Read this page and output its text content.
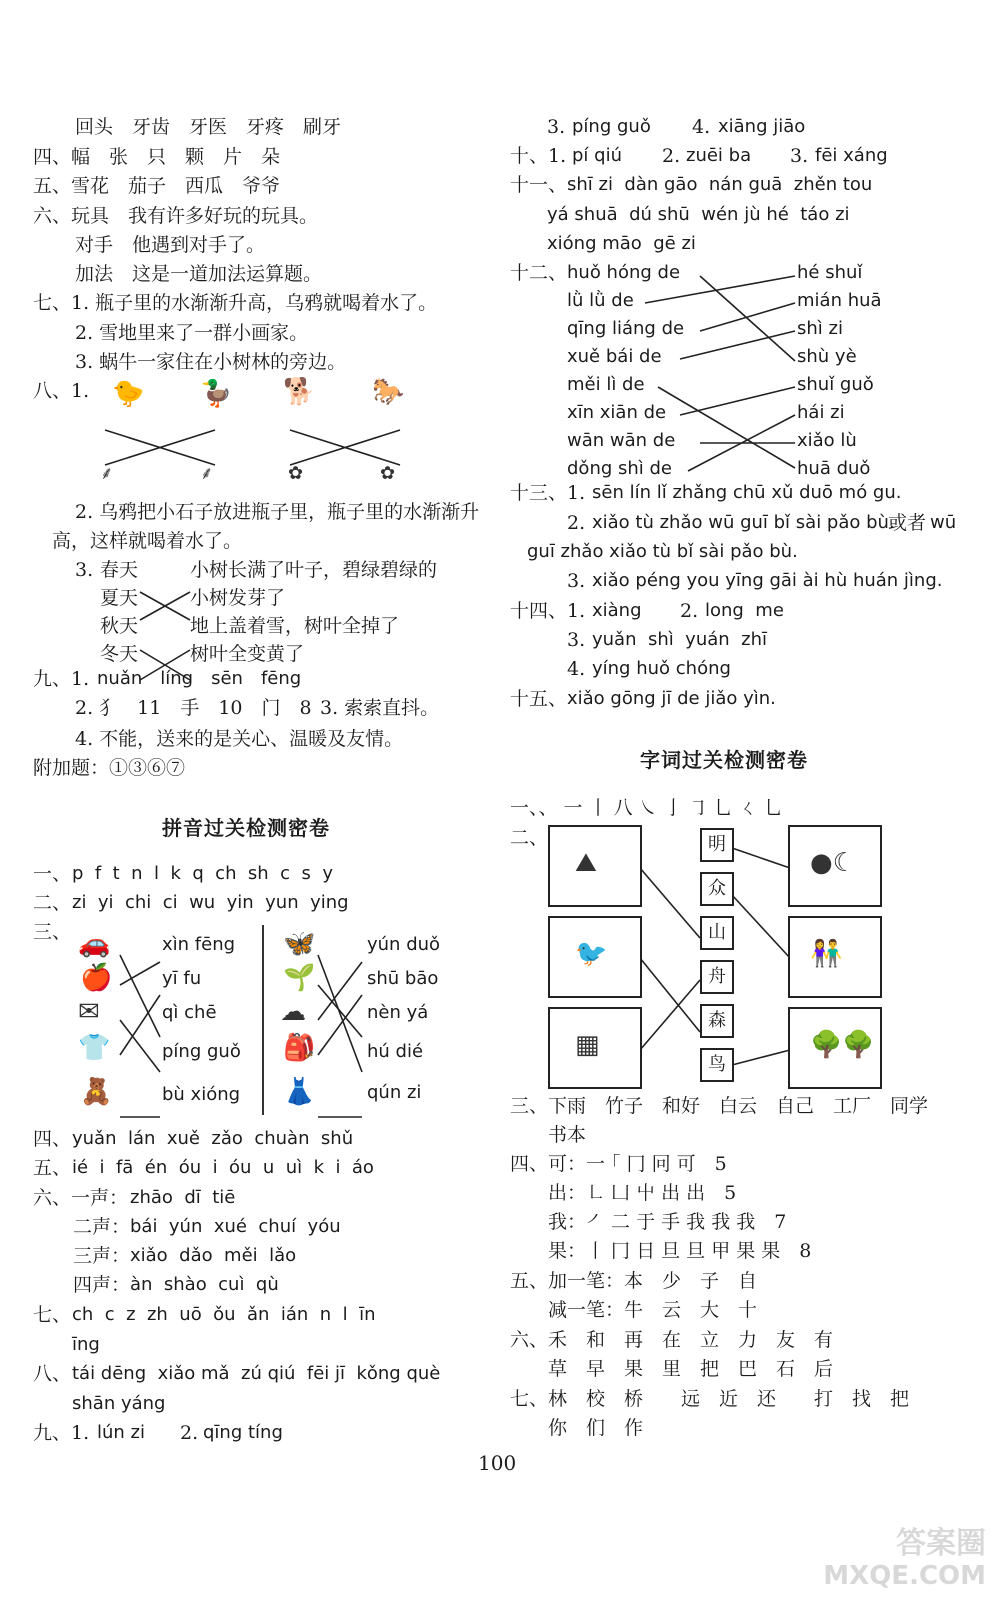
回头　牙齿　牙医　牙疼　刷牙
四、幅　张　只　颗　片　朵
五、雪花　茄子　西瓜　爷爷
六、玩具　我有许多好玩的玩具。
对手　他遇到对手了。
加法　这是一道加法运算题。
七、1. 瓶子里的水渐渐升高，乌鸦就喝着水了。
2. 雪地里来了一群小画家。
3. 蜗牛一家住在小树林的旁边。
八、1. 🐤 🦆 🐕 🐎
⸙	⸙	✿	✿
2. 乌鸦把小石子放进瓶子里，瓶子里的水渐渐升
高，这样就喝着水了。
3. 春天
夏天
秋天
冬天
小树长满了叶子，碧绿碧绿的
小树发芽了
地上盖着雪，树叶全掉了
树叶全变黄了
九、1. nuǎn　líng　sēn　fēng
2. 犭　11　手　10　门　8 3. 索索直抖。
4. 不能，送来的是关心、温暖及友情。
附加题：①③⑥⑦
拼音过关检测密卷
一、 p  f  t  n  l  k  q  ch  sh  c  s  y
二、 zi  yi  chi  ci  wu  yin  yun  ying
三、 🚗
🍎
✉
👕
🧸
xìn fēng
yī fu
qì chē
píng guǒ
bù xióng
🦋
🌱
☁
🎒
👗
yún duǒ
shū bāo
nèn yá
hú dié
qún zi
四、 yuǎn  lán  xuě  zǎo  chuàn  shǔ
五、 ié  i  fā  én  óu  i  óu  u  uì  k  i  áo
六、一声： zhāo  dī  tiē
二声： bái  yún  xué  chuí  yóu
三声： xiǎo  dǎo  měi  lǎo
四声： àn  shào  cuì  qù
七、 ch  c  z  zh  uō  ǒu  ǎn  ián  n  l  īn
īng
八、 tái dēng  xiǎo mǎ  zú qiú  fēi jī  kǒng què
shān yáng
九、1. lún zi 2. qīng tíng
3. píng guǒ 4. xiāng jiāo
十、1. pí qiú 2. zuēi ba 3. fēi xáng
十一、 shī zi  dàn gāo  nán guā  zhěn tou
yá shuā  dú shū  wén jù hé  táo zi
xióng māo  gē zi
十二、 huǒ hóng de
lǜ lǜ de
qīng liáng de
xuě bái de
měi lì de
xīn xiān de
wān wān de
dǒng shì de
hé shuǐ
mián huā
shì zi
shù yè
shuǐ guǒ
hái zi
xiǎo lù
huā duǒ
十三、1. sēn lín lǐ zhǎng chū xǔ duō mó gu.
2. xiǎo tù zhǎo wū guī bǐ sài pǎo bù.
或者 wū
guī zhǎo xiǎo tù bǐ sài pǎo bù.
3. xiǎo péng you yīng gāi ài hù huán jìng.
十四、1. xiàng 2. long  me
3. yuǎn  shì  yuán  zhī
4. yíng huǒ chóng
十五、 xiǎo gōng jī de jiǎo yìn.
字词过关检测密卷
一、、 一 丨 八 ㇏ 亅 ㇆ 乚 ㄑ 乚
二、
⛰
🐦
▦
明
众
山
舟
森
鸟
●☾
👫
🌳🌳
三、下雨　竹子　和好　白云　自己　工厂　同学
书本
四、可：一 ｢ 冂 冋 可　5
出：㇗ 凵 屮 出 出　5
我：㇒ 二 于 手 我 我 我　7
果：丨 冂 日 旦 旦 甲 果 果　8
五、加一笔：本　少　子　自
减一笔：牛　云　大　十
六、禾　和　再　在　立　力　友　有
草　早　果　里　把　巴　石　后
七、林　校　桥　　远　近　还　　打　找　把
你　们　作
100
答案圈
MXQE.COM
